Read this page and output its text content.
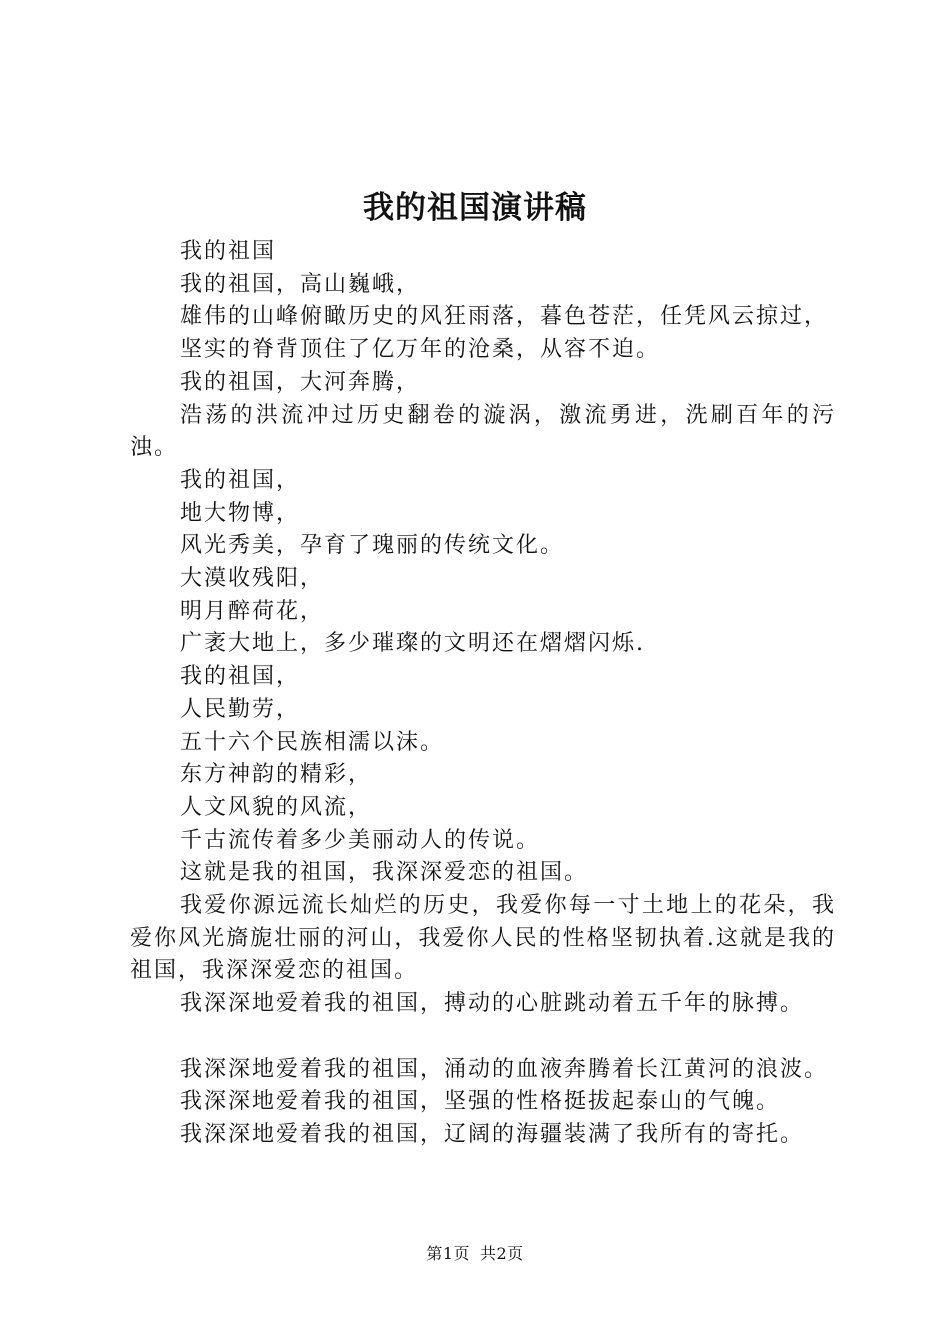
我的祖国演讲稿

我的祖国

我的祖国，高山巍峨，

雄伟的山峰俯瞰历史的风狂雨落，暮色苍茫，任凭风云掠过，

坚实的脊背顶住了亿万年的沧桑，从容不迫。

我的祖国，大河奔腾，

浩荡的洪流冲过历史翻卷的漩涡，激流勇进，洗刷百年的污浊。

我的祖国，

地大物博，

风光秀美，孕育了瑰丽的传统文化。

大漠收残阳，

明月醉荷花，

广袤大地上，多少璀璨的文明还在熠熠闪烁.

我的祖国，

人民勤劳，

五十六个民族相濡以沫。

东方神韵的精彩，

人文风貌的风流，

千古流传着多少美丽动人的传说。

这就是我的祖国，我深深爱恋的祖国。

我爱你源远流长灿烂的历史，我爱你每一寸土地上的花朵，我爱你风光旖旎壮丽的河山，我爱你人民的性格坚韧执着.这就是我的祖国，我深深爱恋的祖国。

我深深地爱着我的祖国，搏动的心脏跳动着五千年的脉搏。

我深深地爱着我的祖国，涌动的血液奔腾着长江黄河的浪波。

我深深地爱着我的祖国，坚强的性格挺拔起泰山的气魄。

我深深地爱着我的祖国，辽阔的海疆装满了我所有的寄托。

第1页 共2页
